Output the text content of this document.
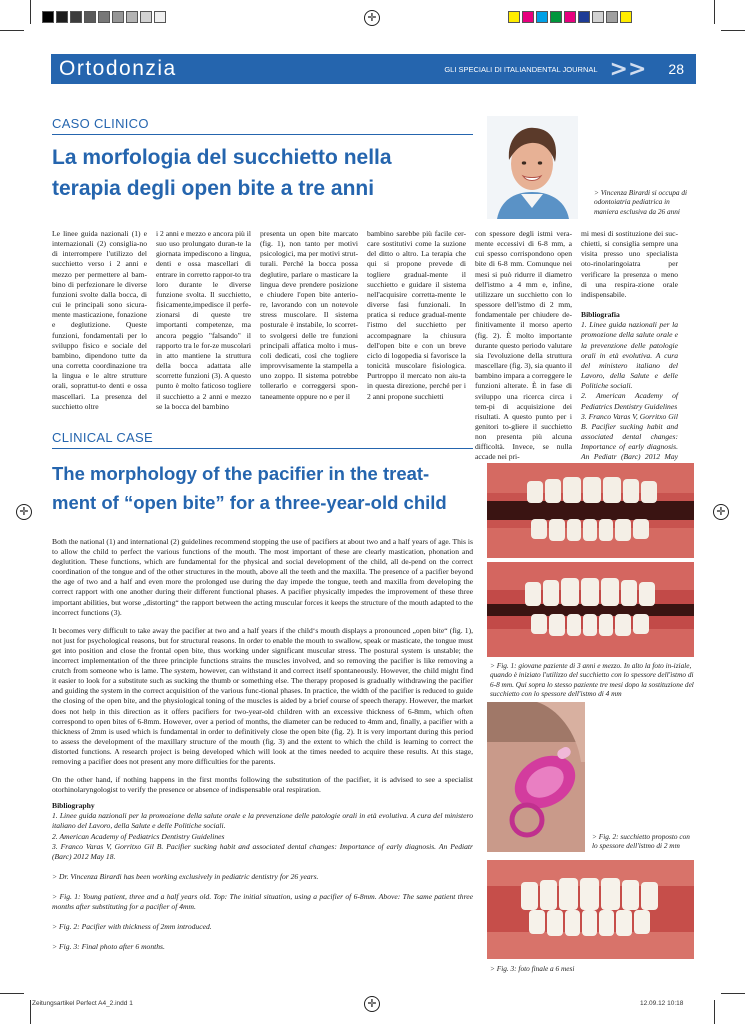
✛
✛	✛
✛
Ortodonzia	GLI SPECIALI DI ITALIANDENTAL JOURNAL >> 28
CASO CLINICO
La morfologia del succhietto nella
terapia degli open bite a tre anni	> Vincenza Birardi si occupa di odontoiatria pediatrica in maniera esclusiva da 26 anni

Le linee guida nazionali (1) e internazionali (2) consiglia-no di interrompere l'utilizzo del succhietto verso i 2 anni e mezzo per permettere al bam-bino di perfezionare le diverse funzioni svolte dalla bocca, di cui le principali sono sicura-mente masticazione, fonazione e deglutizione. Queste funzioni, fondamentali per lo sviluppo fisico e sociale del bambino, dipendono tutte da una corretta coordinazione tra la lingua e le altre strutture orali, soprattut-to denti e ossa mascellari. La presenza del succhietto oltre

i 2 anni e mezzo e ancora più il suo uso prolungato duran-te la giornata impediscono a lingua, denti e ossa mascellari di entrare in corretto rappor-to tra loro durante le diverse funzione svolta. Il succhietto, fisicamente,impedisce il perfe-zionarsi di queste tre importanti competenze, ma ancora peggio "falsando" il rapporto tra le for-ze muscolari in atto mantiene la struttura della bocca adattata alle scorrette funzioni (3). A questo punto è molto faticoso togliere il succhietto a 2 anni e mezzo se la bocca del bambino

presenta un open bite marcato (fig. 1), non tanto per motivi psicologici, ma per motivi strut-turali. Perché la bocca possa deglutire, parlare o masticare la lingua deve prendere posizione e chiudere l'open bite anterio-re, lavorando con un notevole stress muscolare. Il sistema posturale è instabile, lo scorret-to svolgersi delle tre funzioni principali affatica molto i mus-coli dedicati, così che togliere improvvisamente la stampella a uno zoppo. Il sistema potrebbe tollerarlo e correggersi spon-taneamente oppure no e per il

bambino sarebbe più facile cer-care sostitutivi come la suzione del ditto o altro. La terapia che qui si propone prevede di togliere gradual-mente il succhietto e guidare il sistema nell'acquisire corretta-mente le diverse fasi funzionali. In pratica si reduce gradual-mente l'istmo del succhietto per accompagnare la chiusura dell'open bite e con un breve ciclo di logopedia si favorisce la tonicità muscolare fisiologica. Purtroppo il mercato non aiu-ta in questa direzione, perché per i 2 anni propone succhietti

con spessore degli istmi vera-mente eccessivi di 6-8 mm, a cui spesso corrispondono open bite di 6-8 mm. Comunque nei mesi si può ridurre il diametro dell'istmo a 4 mm e, infine, utilizzare un succhietto con lo spessore dell'istmo di 2 mm, fondamentale per chiudere de-finitivamente il morso aperto (fig. 2). È molto importante durante questo periodo valutare sia l'evoluzione della struttura mascellare (fig. 3), sia quanto il bambino impara a correggere le funzioni alterate. È in fase di sviluppo una ricerca circa i tem-pi di acquisizione dei risultati. A questo punto per i genitori to-gliere il succhietto non presenta più alcuna difficoltà. Invece, se nulla accade nei pri-

mi mesi di sostituzione dei suc-chietti, si consiglia sempre una visita presso uno specialista oto-rinolaringoiatra per verificare la presenza o meno di una respira-zione orale indispensabile.

Bibliografia

1. Linee guida nazionali per la promozione della salute orale e la prevenzione delle patologie orali in età evolutiva. A cura del ministero italiano del Lavoro, della Salute e delle Politiche sociali.

2. American Academy of Pediatrics Dentistry Guidelines

3. Franco Varas V, Gorritxo Gil B. Pacifier sucking habit and associated dental changes: Importance of early diagnosis. An Pediatr (Barc) 2012 May

CLINICAL CASE
The morphology of the pacifier in the treat-
ment of “open bite” for a three-year-old child

Both the national (1) and international (2) guidelines recommend stopping the use of pacifiers at about two and a half years of age. This is to allow the child to perfect the various functions of the mouth. The most important of these are clearly mastication, phonation and deglutition. These functions, which are fundamental for the physical and social development of the child, all de-pend on the correct coordination of the tongue and of the other structures in the mouth, above all the teeth and the maxilla. The presence of a pacifier beyond the age of two and a half and even more the prolonged use during the day impede the tongue, teeth and maxilla from developing the correct rapport with one another during their different functional phases. A pacifier physically impedes the improvement of these three important abilities, but worse „distorting“ the rapport between the acting muscular forces it keeps the structure of the mouth adapted to the incorrect functions (3).

It becomes very difficult to take away the pacifier at two and a half years if the child‘s mouth displays a pronounced „open bite“ (fig. 1), not just for psychological reasons, but for structural reasons. In order to enable the mouth to swallow, speak or masticate, the tongue must get into position and close the frontal open bite, thus working under significant muscular stress. The postural system is unstable; the incorrect implementation of the three principle functions strains the muscles involved, and so removing the pacifier is like removing a crutch from someone who is lame. The system, however, can withstand it and correct itself spontaneously. However, the child might find it easier to look for a substitute such as sucking the thumb or something else. The therapy proposed is gradually withdrawing the pacifier and guiding the system in the correct acquisition of the various func-tional phases. In practice, the width of the pacifier is reduced to guide the closing of the open bite, and the physiological toning of the muscles is aided by a brief course of speech therapy. However, the market does not help in this direction as it offers pacifiers for two-year-old children with an excessive thickness of 6-8mm, which often correspond to open bites of 6-8mm. However, over a period of months, the diameter can be reduced to 4mm and, finally, a pacifier with a thickness of 2mm is used which is fundamental in order to definitively close the open bite (fig. 2). It is very important during this period to assess the development of the maxillary structure of the mouth (fig. 3) and the extent to which the child is learning to correct the distorted functions. A research project is being developed which will look at the times needed to acquire these results. At this stage, removing a pacifier does not present any more difficulties for the parents.

On the other hand, if nothing happens in the first months following the substitution of the pacifier, it is advised to see a specialist otorhinolaryngologist to verify the presence or absence of indispensable oral respiration.

Bibliography
1. Linee guida nazionali per la promozione della salute orale e la prevenzione delle patologie orali in età evolutiva. A cura del ministero italiano del Lavoro, della Salute e delle Politiche sociali.
2. American Academy of Pediatrics Dentistry Guidelines
3. Franco Varas V, Gorritxo Gil B. Pacifier sucking habit and associated dental changes: Importance of early diagnosis. An Pediatr (Barc) 2012 May 18.
> Dr. Vincenza Birardi has been working exclusively in pediatric dentistry for 26 years.
> Fig. 1: Young patient, three and a half years old. Top: The initial situation, using a pacifier of 6-8mm. Above: The same patient three months after substituting for a pacifier of 4mm.
> Fig. 2: Pacifier with thickness of 2mm introduced.
> Fig. 3: Final photo after 6 months.
> Fig. 1: giovane paziente di 3 anni e mezzo. In alto la foto in-iziale, quando è iniziato l'utilizzo del succhietto con lo spessore dell'istmo di 6-8 mm. Qui sopra lo stesso paziente tre mesi dopo la sostituzione del succhietto con lo spessore dell'istmo di 4 mm
> Fig. 2: succhietto proposto con lo spessore dell'istmo di 2 mm
> Fig. 3: foto finale a 6 mesi
Zeitungsartikel Perfect A4_2.indd 1	12.09.12 10:18
